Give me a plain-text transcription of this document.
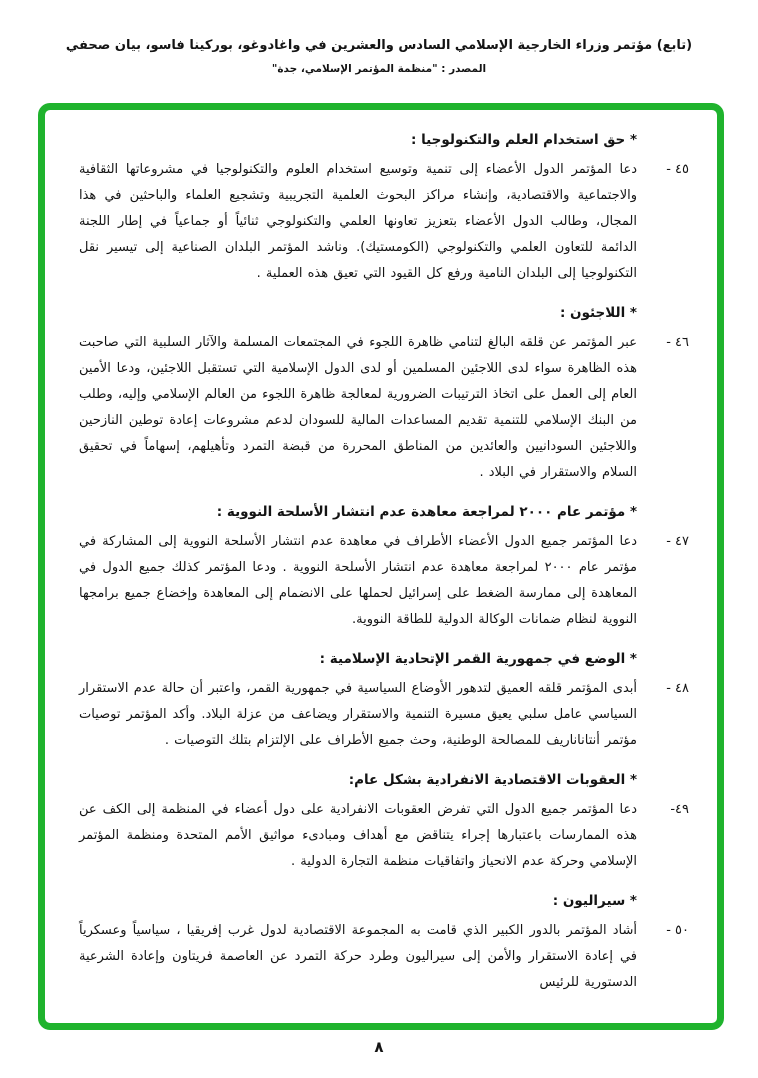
(تابع) مؤتمر وزراء الخارجية الإسلامي السادس والعشرين في واغادوغو، بوركينا فاسو، بيان صحفي
المصدر : "منظمة المؤتمر الإسلامي، جدة"
* حق استخدام العلم والتكنولوجيا :
٤٥ -
دعا المؤتمر الدول الأعضاء إلى تنمية وتوسيع استخدام العلوم والتكنولوجيا في مشروعاتها الثقافية والاجتماعية والاقتصادية، وإنشاء مراكز البحوث العلمية التجريبية وتشجيع العلماء والباحثين في هذا المجال، وطالب الدول الأعضاء بتعزيز تعاونها العلمي والتكنولوجي ثنائياً أو جماعياً في إطار اللجنة الدائمة للتعاون العلمي والتكنولوجي (الكومستيك). وناشد المؤتمر البلدان الصناعية إلى تيسير نقل التكنولوجيا إلى البلدان النامية ورفع كل القيود التي تعيق هذه العملية .
* اللاجئون :
٤٦ -
عبر المؤتمر عن قلقه البالغ لتنامي ظاهرة اللجوء في المجتمعات المسلمة والآثار السلبية التي صاحبت هذه الظاهرة سواء لدى اللاجئين المسلمين أو لدى الدول الإسلامية التي تستقبل اللاجئين، ودعا الأمين العام إلى العمل على اتخاذ الترتيبات الضرورية لمعالجة ظاهرة اللجوء من العالم الإسلامي وإليه، وطلب من البنك الإسلامي للتنمية تقديم المساعدات المالية للسودان لدعم مشروعات إعادة توطين النازحين واللاجئين السودانيين والعائدين من المناطق المحررة من قبضة التمرد وتأهيلهم، إسهاماً في تحقيق السلام والاستقرار في البلاد .
* مؤتمر عام ٢٠٠٠ لمراجعة معاهدة عدم انتشار الأسلحة النووية :
٤٧ -
دعا المؤتمر جميع الدول الأعضاء الأطراف في معاهدة عدم انتشار الأسلحة النووية إلى المشاركة في مؤتمر عام ٢٠٠٠ لمراجعة معاهدة عدم انتشار الأسلحة النووية . ودعا المؤتمر كذلك جميع الدول في المعاهدة إلى ممارسة الضغط على إسرائيل لحملها على الانضمام إلى المعاهدة وإخضاع جميع برامجها النووية لنظام ضمانات الوكالة الدولية للطاقة النووية.
* الوضع في جمهورية القمر الإتحادية الإسلامية :
٤٨ -
أبدى المؤتمر قلقه العميق لتدهور الأوضاع السياسية في جمهورية القمر، واعتبر أن حالة عدم الاستقرار السياسي عامل سلبي يعيق مسيرة التنمية والاستقرار ويضاعف من عزلة البلاد. وأكد المؤتمر توصيات مؤتمر أنتاناناريف للمصالحة الوطنية، وحث جميع الأطراف على الإلتزام بتلك التوصيات .
* العقوبات الاقتصادية الانفرادية بشكل عام:
٤٩-
دعا المؤتمر جميع الدول التي تفرض العقوبات الانفرادية على دول أعضاء في المنظمة إلى الكف عن هذه الممارسات باعتبارها إجراء يتناقض مع أهداف ومبادىء مواثيق الأمم المتحدة ومنظمة المؤتمر الإسلامي وحركة عدم الانحياز واتفاقيات منظمة التجارة الدولية .
* سيراليون :
٥٠ -
أشاد المؤتمر بالدور الكبير الذي قامت به المجموعة الاقتصادية لدول غرب إفريقيا ، سياسياً وعسكرياً في إعادة الاستقرار والأمن إلى سيراليون وطرد حركة التمرد عن العاصمة فريتاون وإعادة الشرعية الدستورية للرئيس
٨
